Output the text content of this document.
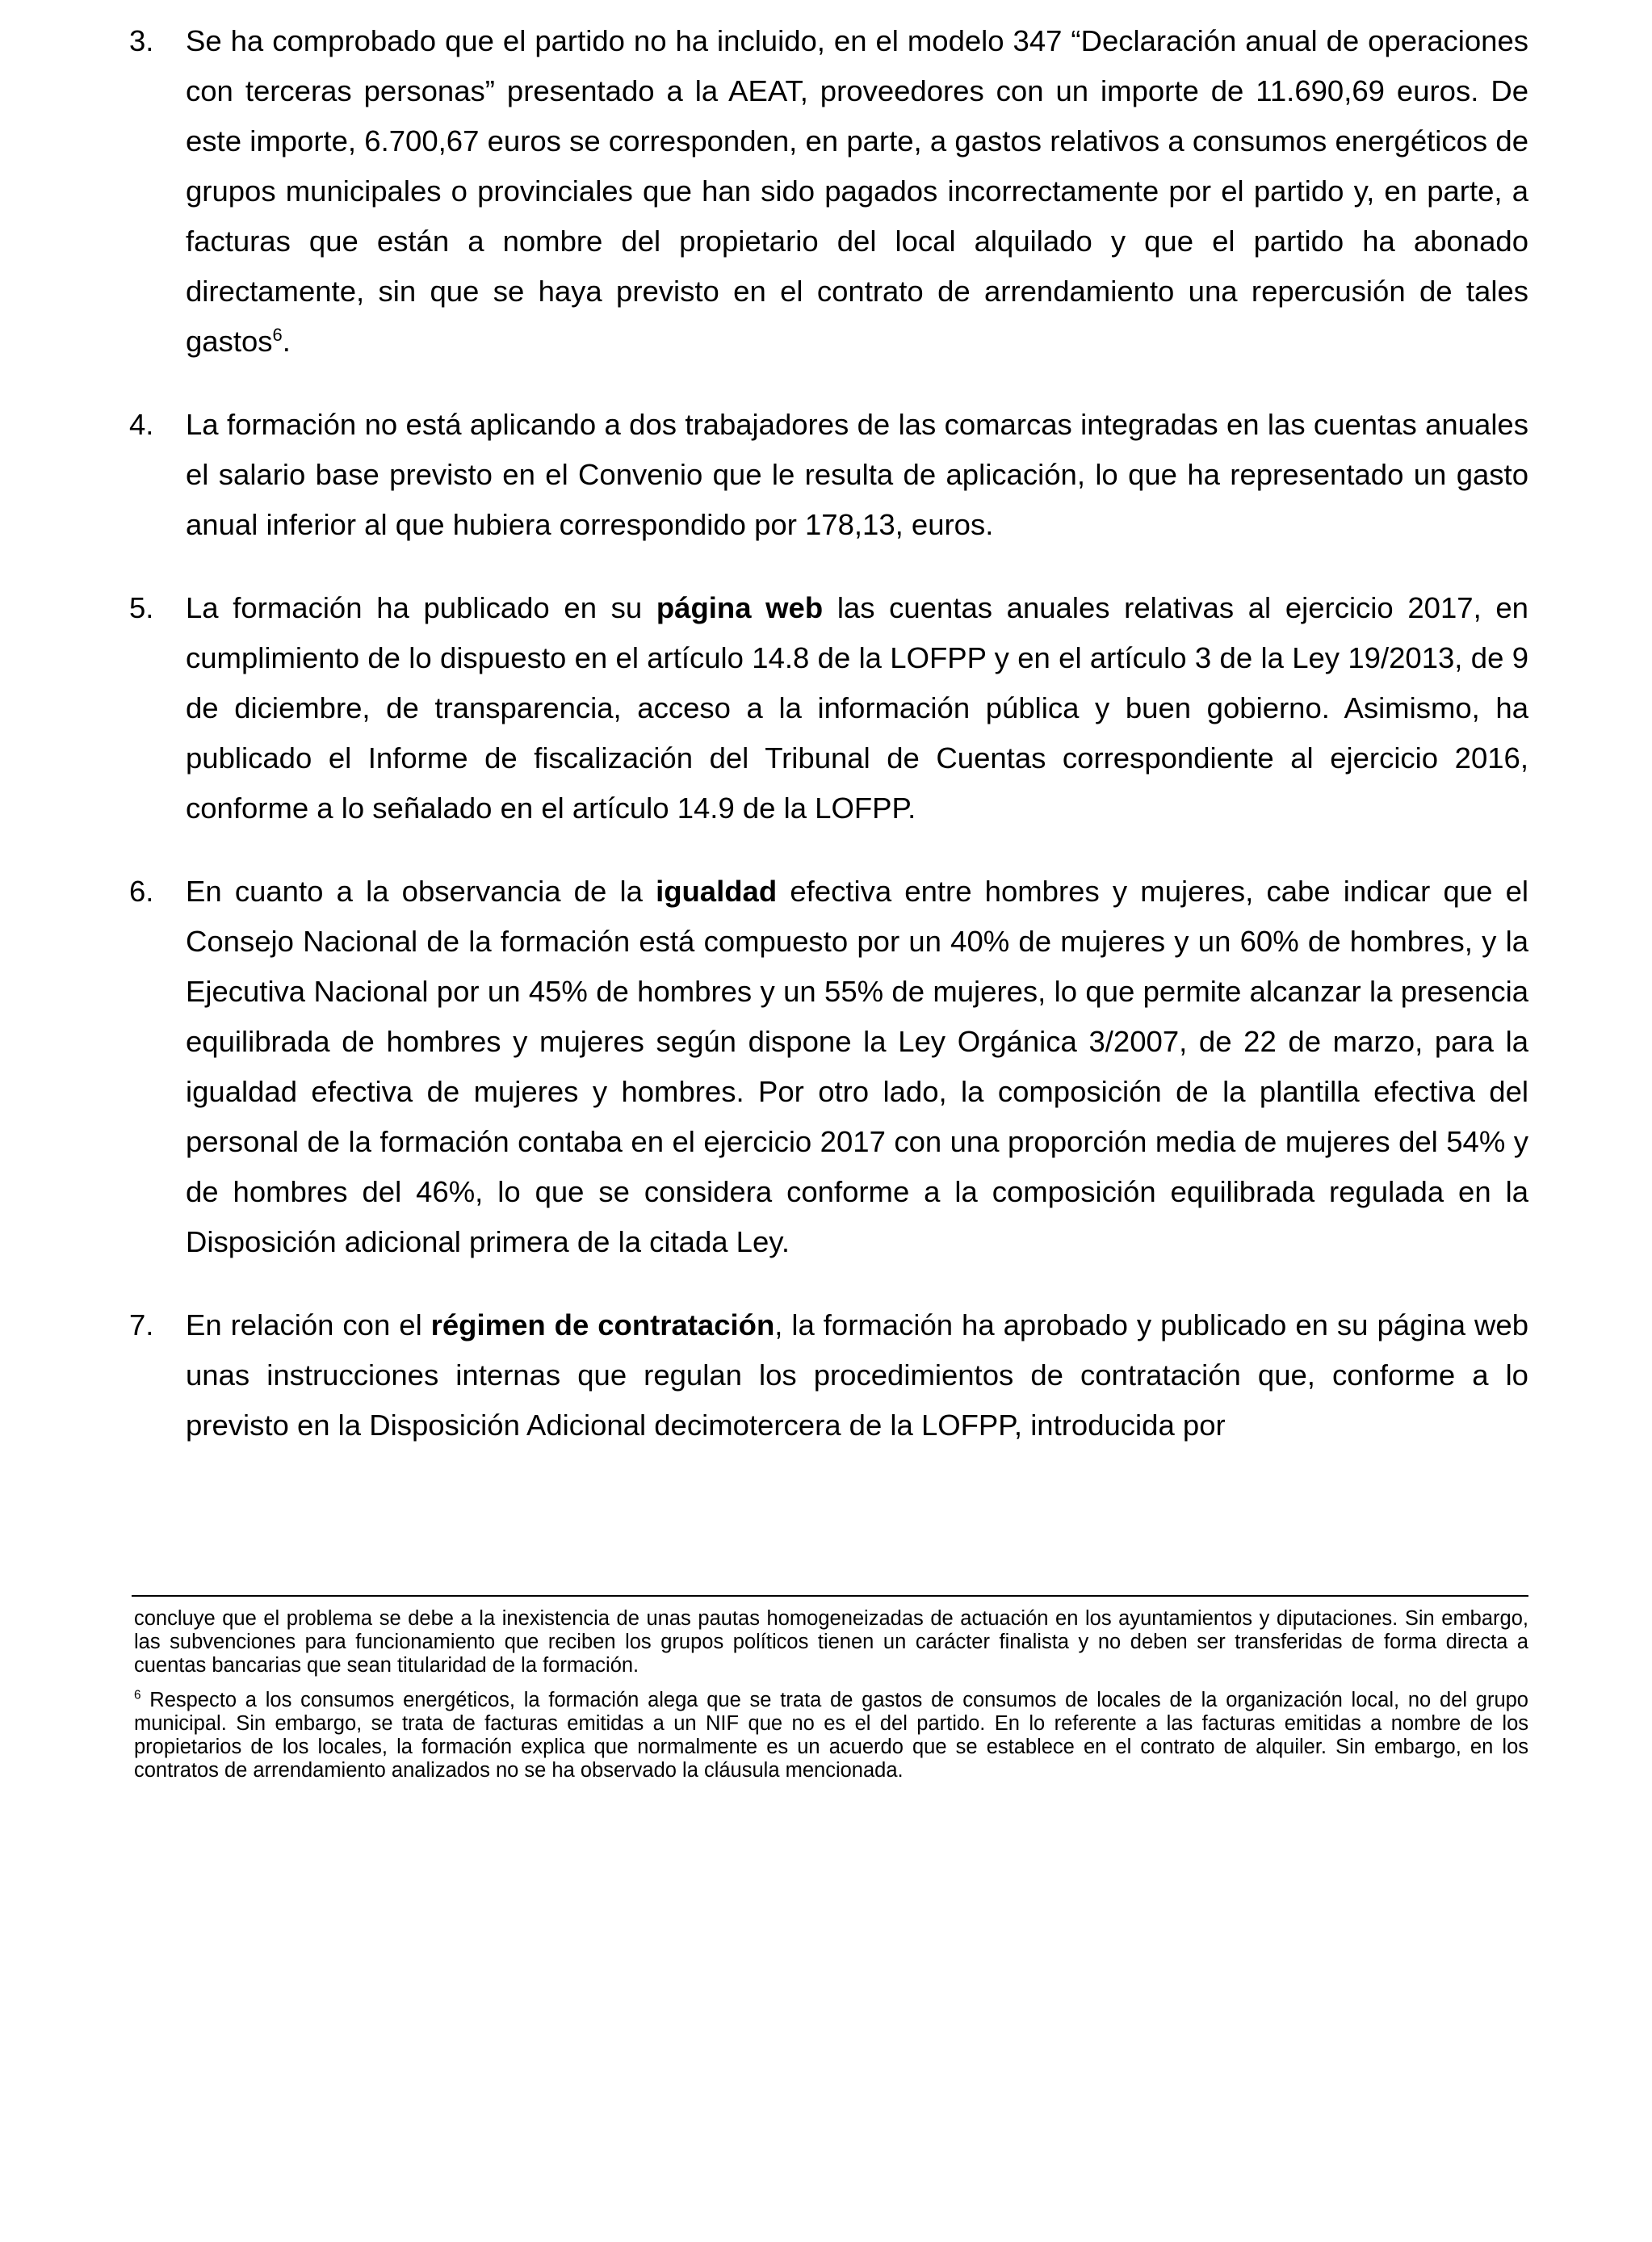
3.	Se ha comprobado que el partido no ha incluido, en el modelo 347 “Declaración anual de operaciones con terceras personas” presentado a la AEAT, proveedores con un importe de 11.690,69 euros. De este importe, 6.700,67 euros se corresponden, en parte, a gastos relativos a consumos energéticos de grupos municipales o provinciales que han sido pagados incorrectamente por el partido y, en parte, a facturas que están a nombre del propietario del local alquilado y que el partido ha abonado directamente, sin que se haya previsto en el contrato de arrendamiento una repercusión de tales gastos$^6$.

4.	La formación no está aplicando a dos trabajadores de las comarcas integradas en las cuentas anuales el salario base previsto en el Convenio que le resulta de aplicación, lo que ha representado un gasto anual inferior al que hubiera correspondido por 178,13, euros.

5.	La formación ha publicado en su página web las cuentas anuales relativas al ejercicio 2017, en cumplimiento de lo dispuesto en el artículo 14.8 de la LOFPP y en el artículo 3 de la Ley 19/2013, de 9 de diciembre, de transparencia, acceso a la información pública y buen gobierno. Asimismo, ha publicado el Informe de fiscalización del Tribunal de Cuentas correspondiente al ejercicio 2016, conforme a lo señalado en el artículo 14.9 de la LOFPP.

6.	En cuanto a la observancia de la igualdad efectiva entre hombres y mujeres, cabe indicar que el Consejo Nacional de la formación está compuesto por un 40% de mujeres y un 60% de hombres, y la Ejecutiva Nacional por un 45% de hombres y un 55% de mujeres, lo que permite alcanzar la presencia equilibrada de hombres y mujeres según dispone la Ley Orgánica 3/2007, de 22 de marzo, para la igualdad efectiva de mujeres y hombres. Por otro lado, la composición de la plantilla efectiva del personal de la formación contaba en el ejercicio 2017 con una proporción media de mujeres del 54% y de hombres del 46%, lo que se considera conforme a la composición equilibrada regulada en la Disposición adicional primera de la citada Ley.

7.	En relación con el régimen de contratación, la formación ha aprobado y publicado en su página web unas instrucciones internas que regulan los procedimientos de contratación que, conforme a lo previsto en la Disposición Adicional decimotercera de la LOFPP, introducida por

concluye que el problema se debe a la inexistencia de unas pautas homogeneizadas de actuación en los ayuntamientos y diputaciones. Sin embargo, las subvenciones para funcionamiento que reciben los grupos políticos tienen un carácter finalista y no deben ser transferidas de forma directa a cuentas bancarias que sean titularidad de la formación.

$^6$ Respecto a los consumos energéticos, la formación alega que se trata de gastos de consumos de locales de la organización local, no del grupo municipal. Sin embargo, se trata de facturas emitidas a un NIF que no es el del partido. En lo referente a las facturas emitidas a nombre de los propietarios de los locales, la formación explica que normalmente es un acuerdo que se establece en el contrato de alquiler. Sin embargo, en los contratos de arrendamiento analizados no se ha observado la cláusula mencionada.
